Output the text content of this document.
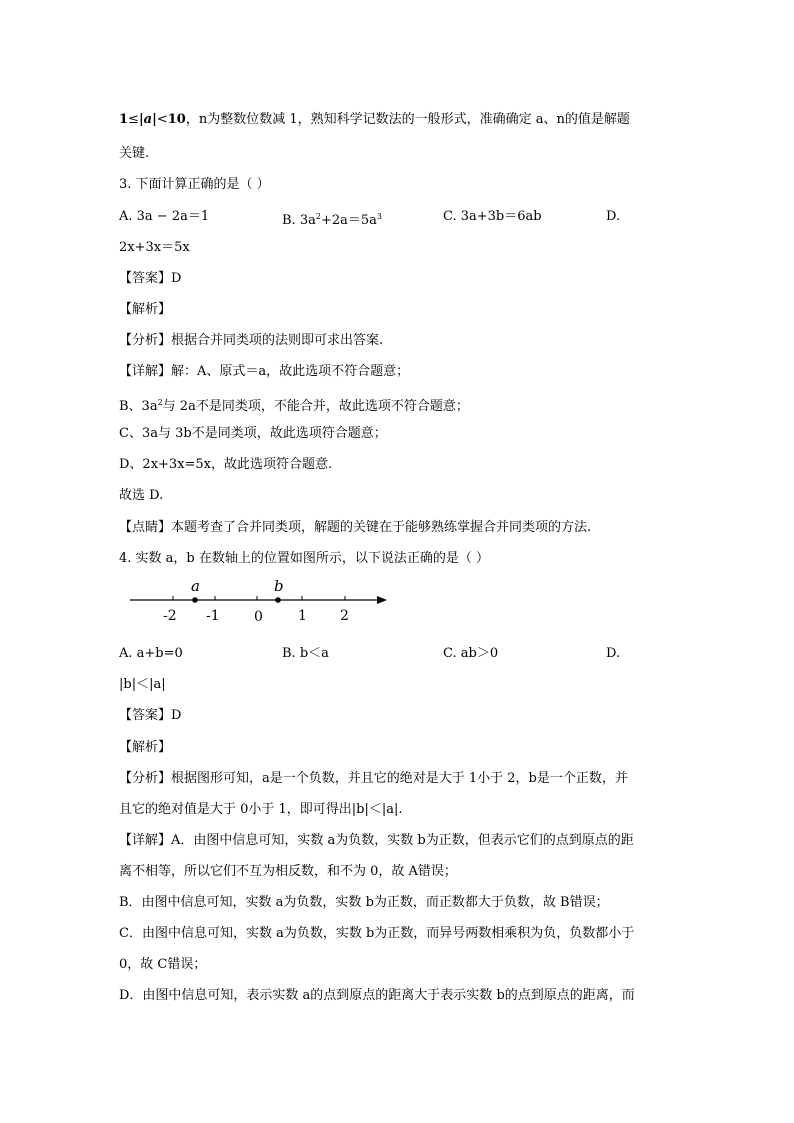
1≤|a|<10，n为整数位数减 1，熟知科学记数法的一般形式，准确确定 a、n的值是解题
关键.
3. 下面计算正确的是（ ）
A. 3a − 2a＝1	B. $3a^2+2a=5a^3$	C. 3a+3b＝6ab	D.
2x+3x＝5x
【答案】D
【解析】
【分析】根据合并同类项的法则即可求出答案.
【详解】解：A、原式＝a，故此选项不符合题意；
B、$3a^2$与 2a不是同类项，不能合并，故此选项不符合题意；
C、3a与 3b不是同类项，故此选项符合题意；
D、2x+3x=5x，故此选项符合题意.
故选 D.
【点睛】本题考查了合并同类项，解题的关键在于能够熟练掌握合并同类项的方法.
4. 实数 a，b 在数轴上的位置如图所示，以下说法正确的是（ ）
a	b
-2 -1 0	1 2
A. a+b=0	B. b＜a	C. ab＞0	D.
|b|＜|a|
【答案】D
【解析】
【分析】根据图形可知，a是一个负数，并且它的绝对是大于 1小于 2，b是一个正数，并
且它的绝对值是大于 0小于 1，即可得出|b|＜|a|.
【详解】A．由图中信息可知，实数 a为负数，实数 b为正数，但表示它们的点到原点的距
离不相等，所以它们不互为相反数，和不为 0，故 A错误；
B．由图中信息可知，实数 a为负数，实数 b为正数，而正数都大于负数，故 B错误；
C．由图中信息可知，实数 a为负数，实数 b为正数，而异号两数相乘积为负，负数都小于
0，故 C错误；
D．由图中信息可知，表示实数 a的点到原点的距离大于表示实数 b的点到原点的距离，而
